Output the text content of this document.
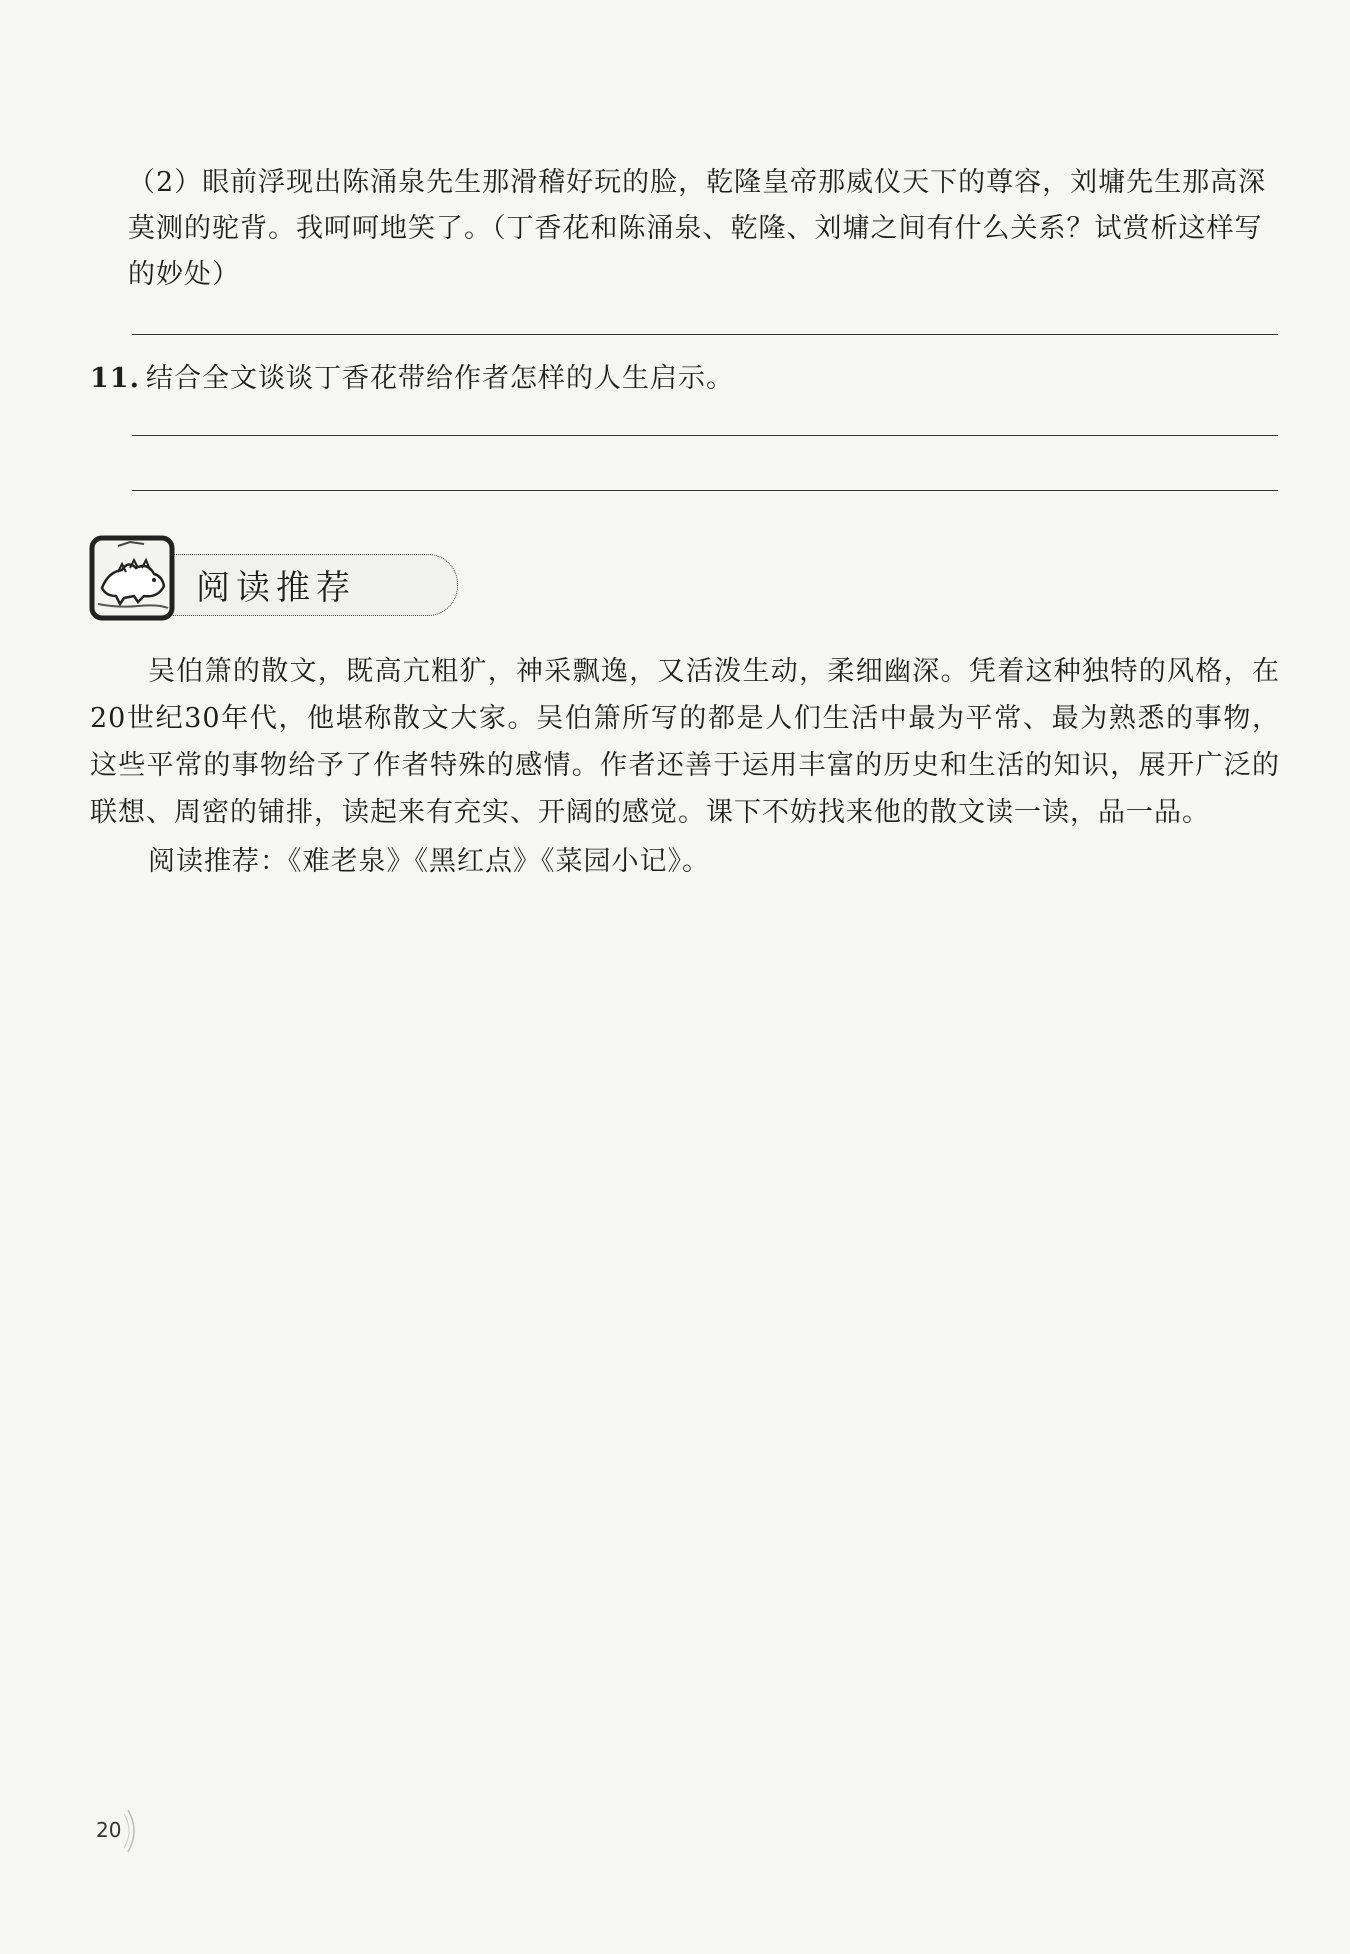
（2）眼前浮现出陈涌泉先生那滑稽好玩的脸，乾隆皇帝那威仪天下的尊容，刘墉先生那高深莫测的驼背。我呵呵地笑了。（丁香花和陈涌泉、乾隆、刘墉之间有什么关系？试赏析这样写的妙处）
11. 结合全文谈谈丁香花带给作者怎样的人生启示。
阅读推荐
吴伯箫的散文，既高亢粗犷，神采飘逸，又活泼生动，柔细幽深。凭着这种独特的风格，在20世纪30年代，他堪称散文大家。吴伯箫所写的都是人们生活中最为平常、最为熟悉的事物，这些平常的事物给予了作者特殊的感情。作者还善于运用丰富的历史和生活的知识，展开广泛的联想、周密的铺排，读起来有充实、开阔的感觉。课下不妨找来他的散文读一读，品一品。
阅读推荐：《难老泉》《黑红点》《菜园小记》。
20
